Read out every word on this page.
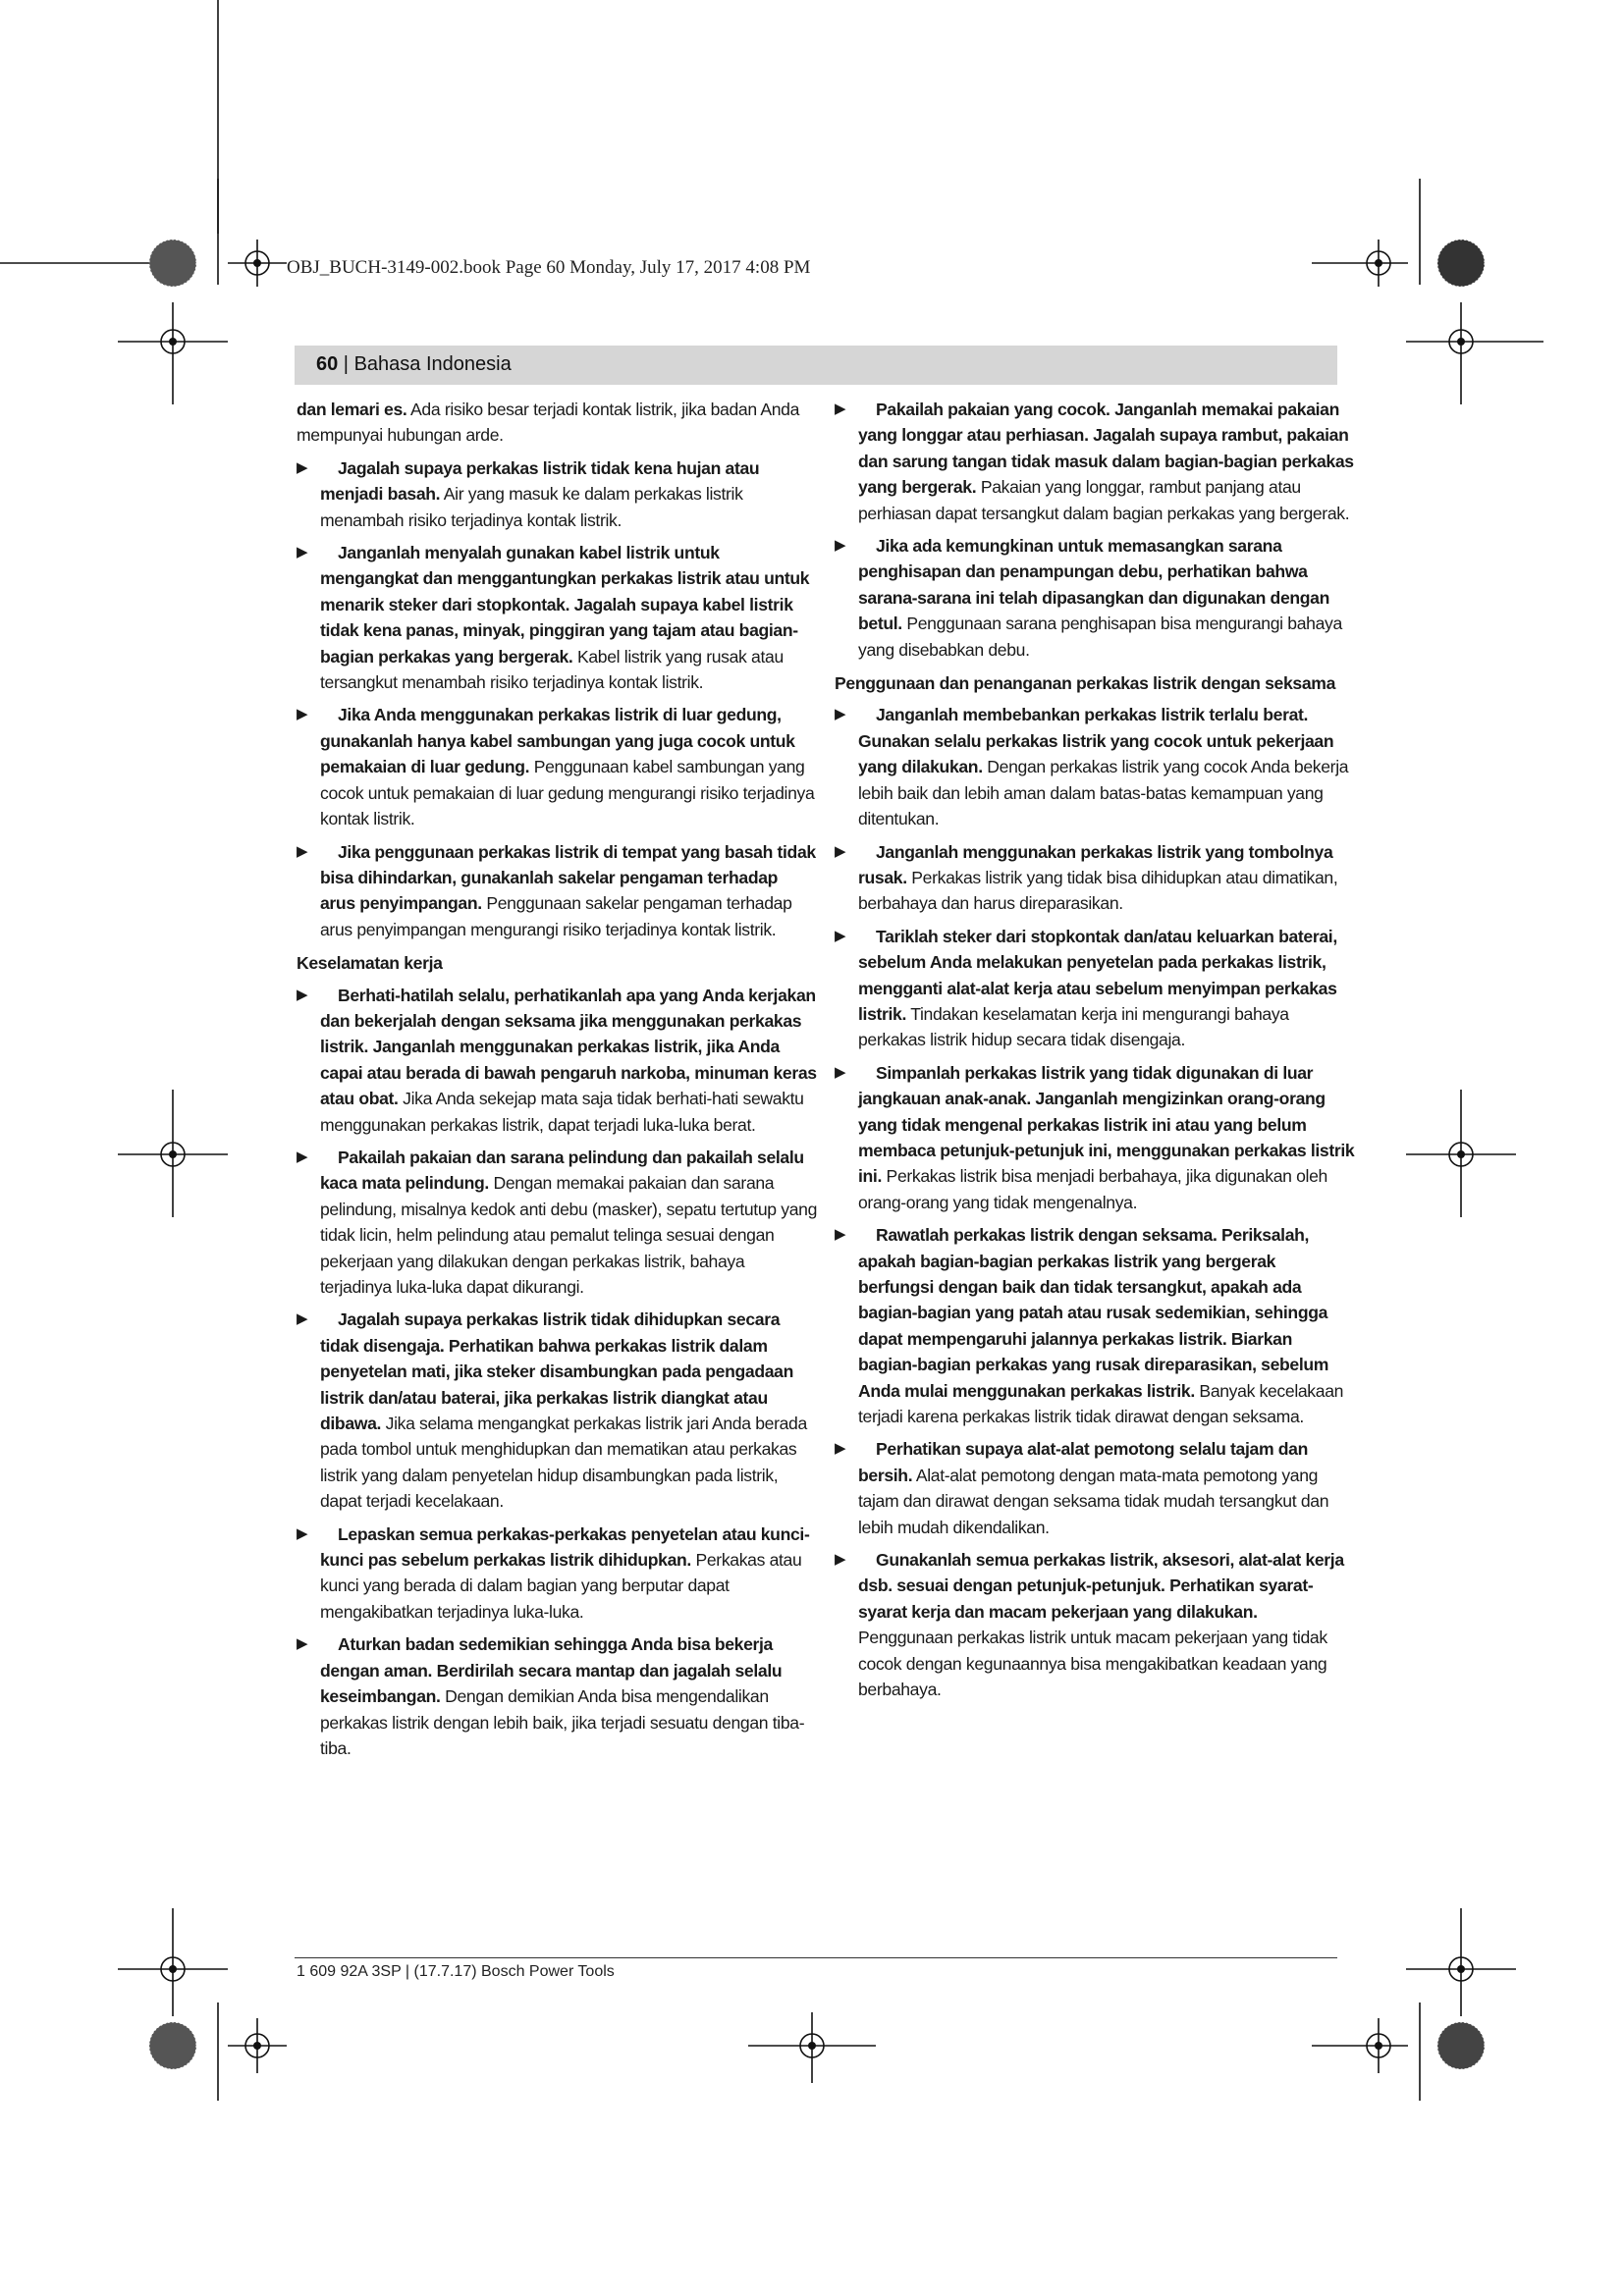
OBJ_BUCH-3149-002.book Page 60 Monday, July 17, 2017 4:08 PM
60 | Bahasa Indonesia

dan lemari es. Ada risiko besar terjadi kontak listrik, jika badan Anda mempunyai hubungan arde.

▶ Jagalah supaya perkakas listrik tidak kena hujan atau menjadi basah. Air yang masuk ke dalam perkakas listrik menambah risiko terjadinya kontak listrik.

▶ Janganlah menyalah gunakan kabel listrik untuk mengangkat dan menggantungkan perkakas listrik atau untuk menarik steker dari stopkontak. Jagalah supaya kabel listrik tidak kena panas, minyak, pinggiran yang tajam atau bagian-bagian perkakas yang bergerak. Kabel listrik yang rusak atau tersangkut menambah risiko terjadinya kontak listrik.

▶ Jika Anda menggunakan perkakas listrik di luar gedung, gunakanlah hanya kabel sambungan yang juga cocok untuk pemakaian di luar gedung. Penggunaan kabel sambungan yang cocok untuk pemakaian di luar gedung mengurangi risiko terjadinya kontak listrik.

▶ Jika penggunaan perkakas listrik di tempat yang basah tidak bisa dihindarkan, gunakanlah sakelar pengaman terhadap arus penyimpangan. Penggunaan sakelar pengaman terhadap arus penyimpangan mengurangi risiko terjadinya kontak listrik.

Keselamatan kerja

▶ Berhati-hatilah selalu, perhatikanlah apa yang Anda kerjakan dan bekerjalah dengan seksama jika menggunakan perkakas listrik. Janganlah menggunakan perkakas listrik, jika Anda capai atau berada di bawah pengaruh narkoba, minuman keras atau obat. Jika Anda sekejap mata saja tidak berhati-hati sewaktu menggunakan perkakas listrik, dapat terjadi luka-luka berat.

▶ Pakailah pakaian dan sarana pelindung dan pakailah selalu kaca mata pelindung. Dengan memakai pakaian dan sarana pelindung, misalnya kedok anti debu (masker), sepatu tertutup yang tidak licin, helm pelindung atau pemalut telinga sesuai dengan pekerjaan yang dilakukan dengan perkakas listrik, bahaya terjadinya luka-luka dapat dikurangi.

▶ Jagalah supaya perkakas listrik tidak dihidupkan secara tidak disengaja. Perhatikan bahwa perkakas listrik dalam penyetelan mati, jika steker disambungkan pada pengadaan listrik dan/atau baterai, jika perkakas listrik diangkat atau dibawa. Jika selama mengangkat perkakas listrik jari Anda berada pada tombol untuk menghidupkan dan mematikan atau perkakas listrik yang dalam penyetelan hidup disambungkan pada listrik, dapat terjadi kecelakaan.

▶ Lepaskan semua perkakas-perkakas penyetelan atau kunci-kunci pas sebelum perkakas listrik dihidupkan. Perkakas atau kunci yang berada di dalam bagian yang berputar dapat mengakibatkan terjadinya luka-luka.

▶ Aturkan badan sedemikian sehingga Anda bisa bekerja dengan aman. Berdirilah secara mantap dan jagalah selalu keseimbangan. Dengan demikian Anda bisa mengendalikan perkakas listrik dengan lebih baik, jika terjadi sesuatu dengan tiba-tiba.

▶ Pakailah pakaian yang cocok. Janganlah memakai pakaian yang longgar atau perhiasan. Jagalah supaya rambut, pakaian dan sarung tangan tidak masuk dalam bagian-bagian perkakas yang bergerak. Pakaian yang longgar, rambut panjang atau perhiasan dapat tersangkut dalam bagian perkakas yang bergerak.

▶ Jika ada kemungkinan untuk memasangkan sarana penghisapan dan penampungan debu, perhatikan bahwa sarana-sarana ini telah dipasangkan dan digunakan dengan betul. Penggunaan sarana penghisapan bisa mengurangi bahaya yang disebabkan debu.

Penggunaan dan penanganan perkakas listrik dengan seksama

▶ Janganlah membebankan perkakas listrik terlalu berat. Gunakan selalu perkakas listrik yang cocok untuk pekerjaan yang dilakukan. Dengan perkakas listrik yang cocok Anda bekerja lebih baik dan lebih aman dalam batas-batas kemampuan yang ditentukan.

▶ Janganlah menggunakan perkakas listrik yang tombolnya rusak. Perkakas listrik yang tidak bisa dihidupkan atau dimatikan, berbahaya dan harus direparasikan.

▶ Tariklah steker dari stopkontak dan/atau keluarkan baterai, sebelum Anda melakukan penyetelan pada perkakas listrik, mengganti alat-alat kerja atau sebelum menyimpan perkakas listrik. Tindakan keselamatan kerja ini mengurangi bahaya perkakas listrik hidup secara tidak disengaja.

▶ Simpanlah perkakas listrik yang tidak digunakan di luar jangkauan anak-anak. Janganlah mengizinkan orang-orang yang tidak mengenal perkakas listrik ini atau yang belum membaca petunjuk-petunjuk ini, menggunakan perkakas listrik ini. Perkakas listrik bisa menjadi berbahaya, jika digunakan oleh orang-orang yang tidak mengenalnya.

▶ Rawatlah perkakas listrik dengan seksama. Periksalah, apakah bagian-bagian perkakas listrik yang bergerak berfungsi dengan baik dan tidak tersangkut, apakah ada bagian-bagian yang patah atau rusak sedemikian, sehingga dapat mempengaruhi jalannya perkakas listrik. Biarkan bagian-bagian perkakas yang rusak direparasikan, sebelum Anda mulai menggunakan perkakas listrik. Banyak kecelakaan terjadi karena perkakas listrik tidak dirawat dengan seksama.

▶ Perhatikan supaya alat-alat pemotong selalu tajam dan bersih. Alat-alat pemotong dengan mata-mata pemotong yang tajam dan dirawat dengan seksama tidak mudah tersangkut dan lebih mudah dikendalikan.

▶ Gunakanlah semua perkakas listrik, aksesori, alat-alat kerja dsb. sesuai dengan petunjuk-petunjuk. Perhatikan syarat-syarat kerja dan macam pekerjaan yang dilakukan. Penggunaan perkakas listrik untuk macam pekerjaan yang tidak cocok dengan kegunaannya bisa mengakibatkan keadaan yang berbahaya.

1 609 92A 3SP | (17.7.17) Bosch Power Tools
